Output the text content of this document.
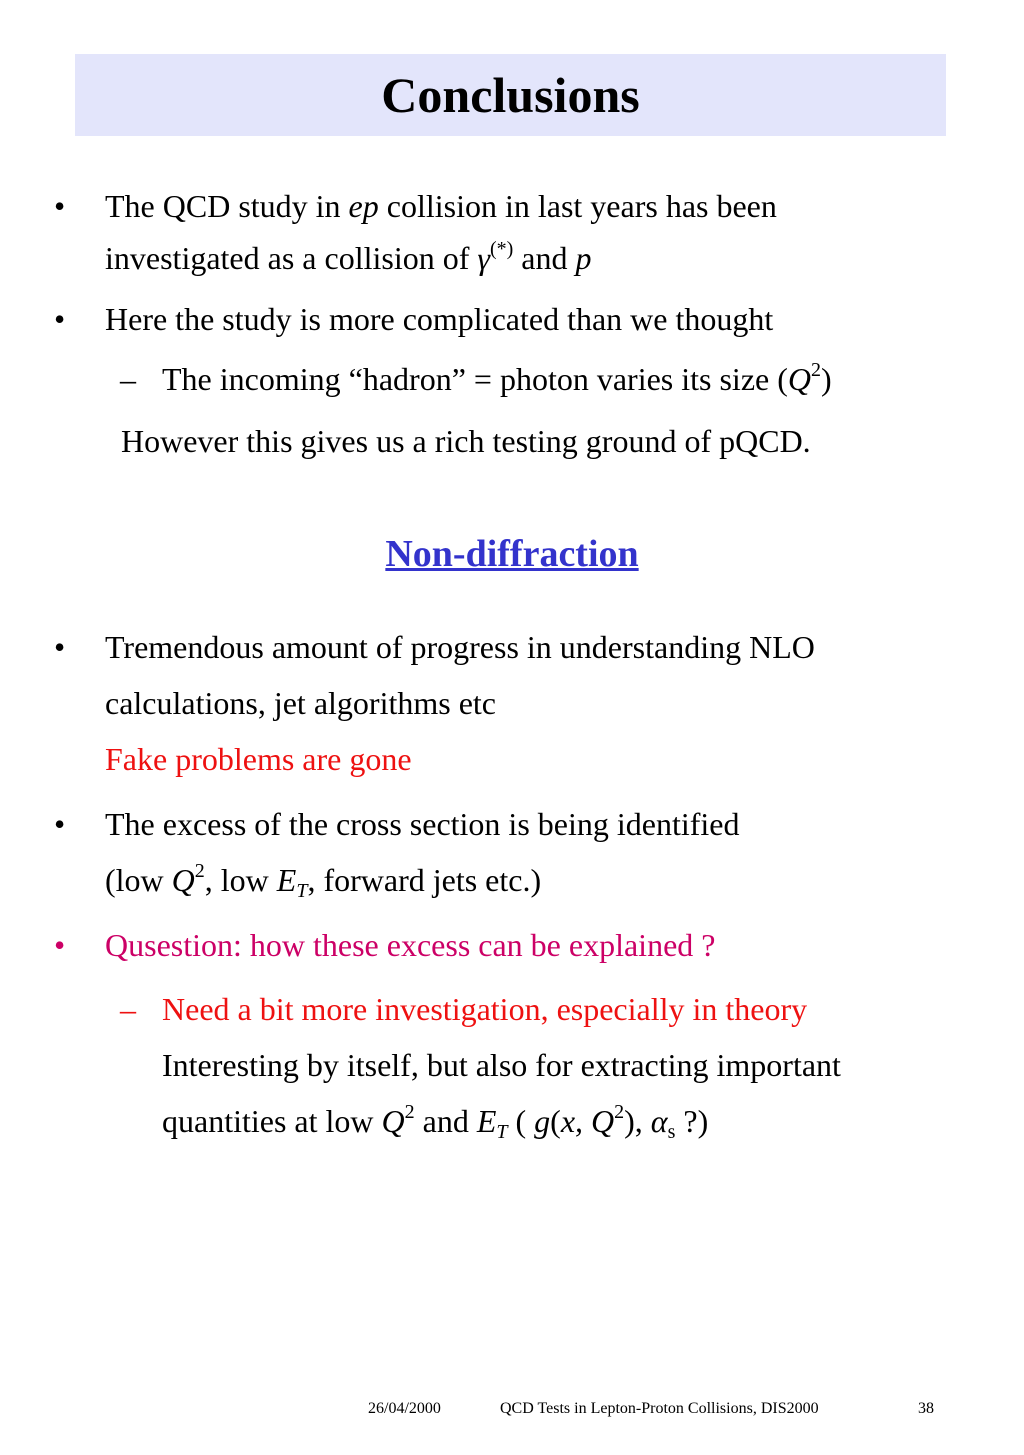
Conclusions
• The QCD study in ep collision in last years has been
investigated as a collision of γ(*) and p
• Here the study is more complicated than we thought
– The incoming “hadron” = photon varies its size $(Q^2)$
However this gives us a rich testing ground of pQCD.
Non-diffraction
• Tremendous amount of progress in understanding NLO
calculations, jet algorithms etc
Fake problems are gone
• The excess of the cross section is being identified
(low $Q^2$, low $E_T$, forward jets etc.)
• Qusestion: how these excess can be explained ?
– Need a bit more investigation, especially in theory
Interesting by itself, but also for extracting important
quantities at low $Q^2$ and $E_T$ ( g(x, $Q^2$), $\alpha_s$ ?)
26/04/2000	QCD Tests in Lepton-Proton Collisions, DIS2000	38
